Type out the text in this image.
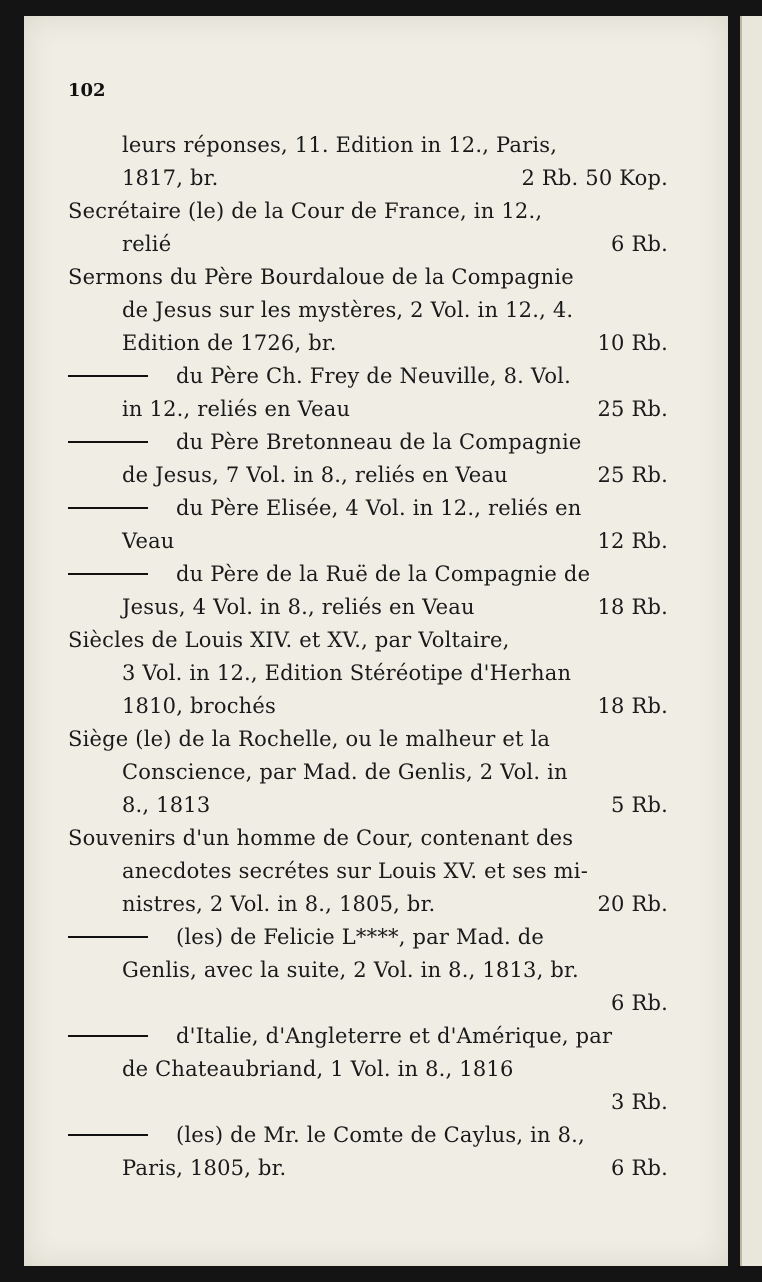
102
leurs réponses, 11. Edition in 12., Paris,
1817, br.	2 Rb. 50 Kop.
Secrétaire (le) de la Cour de France, in 12.,
relié	6 Rb.
Sermons du Père Bourdaloue de la Compagnie
de Jesus sur les mystères, 2 Vol. in 12., 4.
Edition de 1726, br.	10 Rb.
du Père Ch. Frey de Neuville, 8. Vol.
in 12., reliés en Veau	25 Rb.
du Père Bretonneau de la Compagnie
de Jesus, 7 Vol. in 8., reliés en Veau	25 Rb.
du Père Elisée, 4 Vol. in 12., reliés en
Veau	12 Rb.
du Père de la Ruë de la Compagnie de
Jesus, 4 Vol. in 8., reliés en Veau	18 Rb.
Siècles de Louis XIV. et XV., par Voltaire,
3 Vol. in 12., Edition Stéréotipe d'Herhan
1810, brochés	18 Rb.
Siège (le) de la Rochelle, ou le malheur et la
Conscience, par Mad. de Genlis, 2 Vol. in
8., 1813	5 Rb.
Souvenirs d'un homme de Cour, contenant des
anecdotes secrétes sur Louis XV. et ses mi-
nistres, 2 Vol. in 8., 1805, br.	20 Rb.
(les) de Felicie L****, par Mad. de
Genlis, avec la suite, 2 Vol. in 8., 1813, br.
6 Rb.
d'Italie, d'Angleterre et d'Amérique, par
de Chateaubriand, 1 Vol. in 8., 1816
3 Rb.
(les) de Mr. le Comte de Caylus, in 8.,
Paris, 1805, br.	6 Rb.
